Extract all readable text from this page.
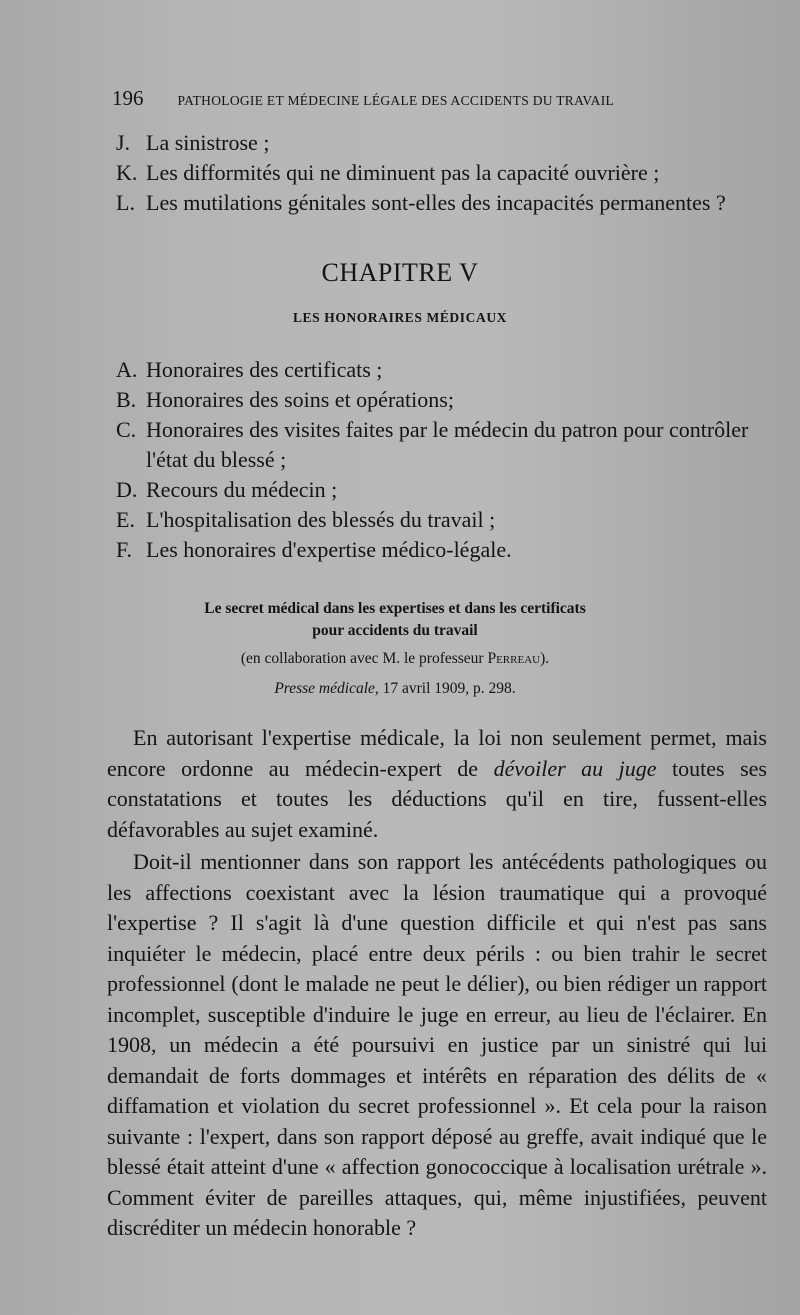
196	PATHOLOGIE ET MÉDECINE LÉGALE DES ACCIDENTS DU TRAVAIL
J. La sinistrose ;
K. Les difformités qui ne diminuent pas la capacité ouvrière ;
L. Les mutilations génitales sont-elles des incapacités permanentes ?
CHAPITRE V
LES HONORAIRES MÉDICAUX
A. Honoraires des certificats ;
B. Honoraires des soins et opérations;
C. Honoraires des visites faites par le médecin du patron pour contrôler l'état du blessé ;
D. Recours du médecin ;
E. L'hospitalisation des blessés du travail ;
F. Les honoraires d'expertise médico-légale.
Le secret médical dans les expertises et dans les certificats
pour accidents du travail
(en collaboration avec M. le professeur Perreau).
Presse médicale, 17 avril 1909, p. 298.

En autorisant l'expertise médicale, la loi non seulement permet, mais encore ordonne au médecin-expert de dévoiler au juge toutes ses constatations et toutes les déductions qu'il en tire, fussent-elles défavorables au sujet examiné.

Doit-il mentionner dans son rapport les antécédents pathologiques ou les affections coexistant avec la lésion traumatique qui a provoqué l'expertise ? Il s'agit là d'une question difficile et qui n'est pas sans inquiéter le médecin, placé entre deux périls : ou bien trahir le secret professionnel (dont le malade ne peut le délier), ou bien rédiger un rapport incomplet, susceptible d'induire le juge en erreur, au lieu de l'éclairer. En 1908, un médecin a été poursuivi en justice par un sinistré qui lui demandait de forts dommages et intérêts en réparation des délits de « diffamation et violation du secret professionnel ». Et cela pour la raison suivante : l'expert, dans son rapport déposé au greffe, avait indiqué que le blessé était atteint d'une « affection gonococcique à localisation urétrale ». Comment éviter de pareilles attaques, qui, même injustifiées, peuvent discréditer un médecin honorable ?
